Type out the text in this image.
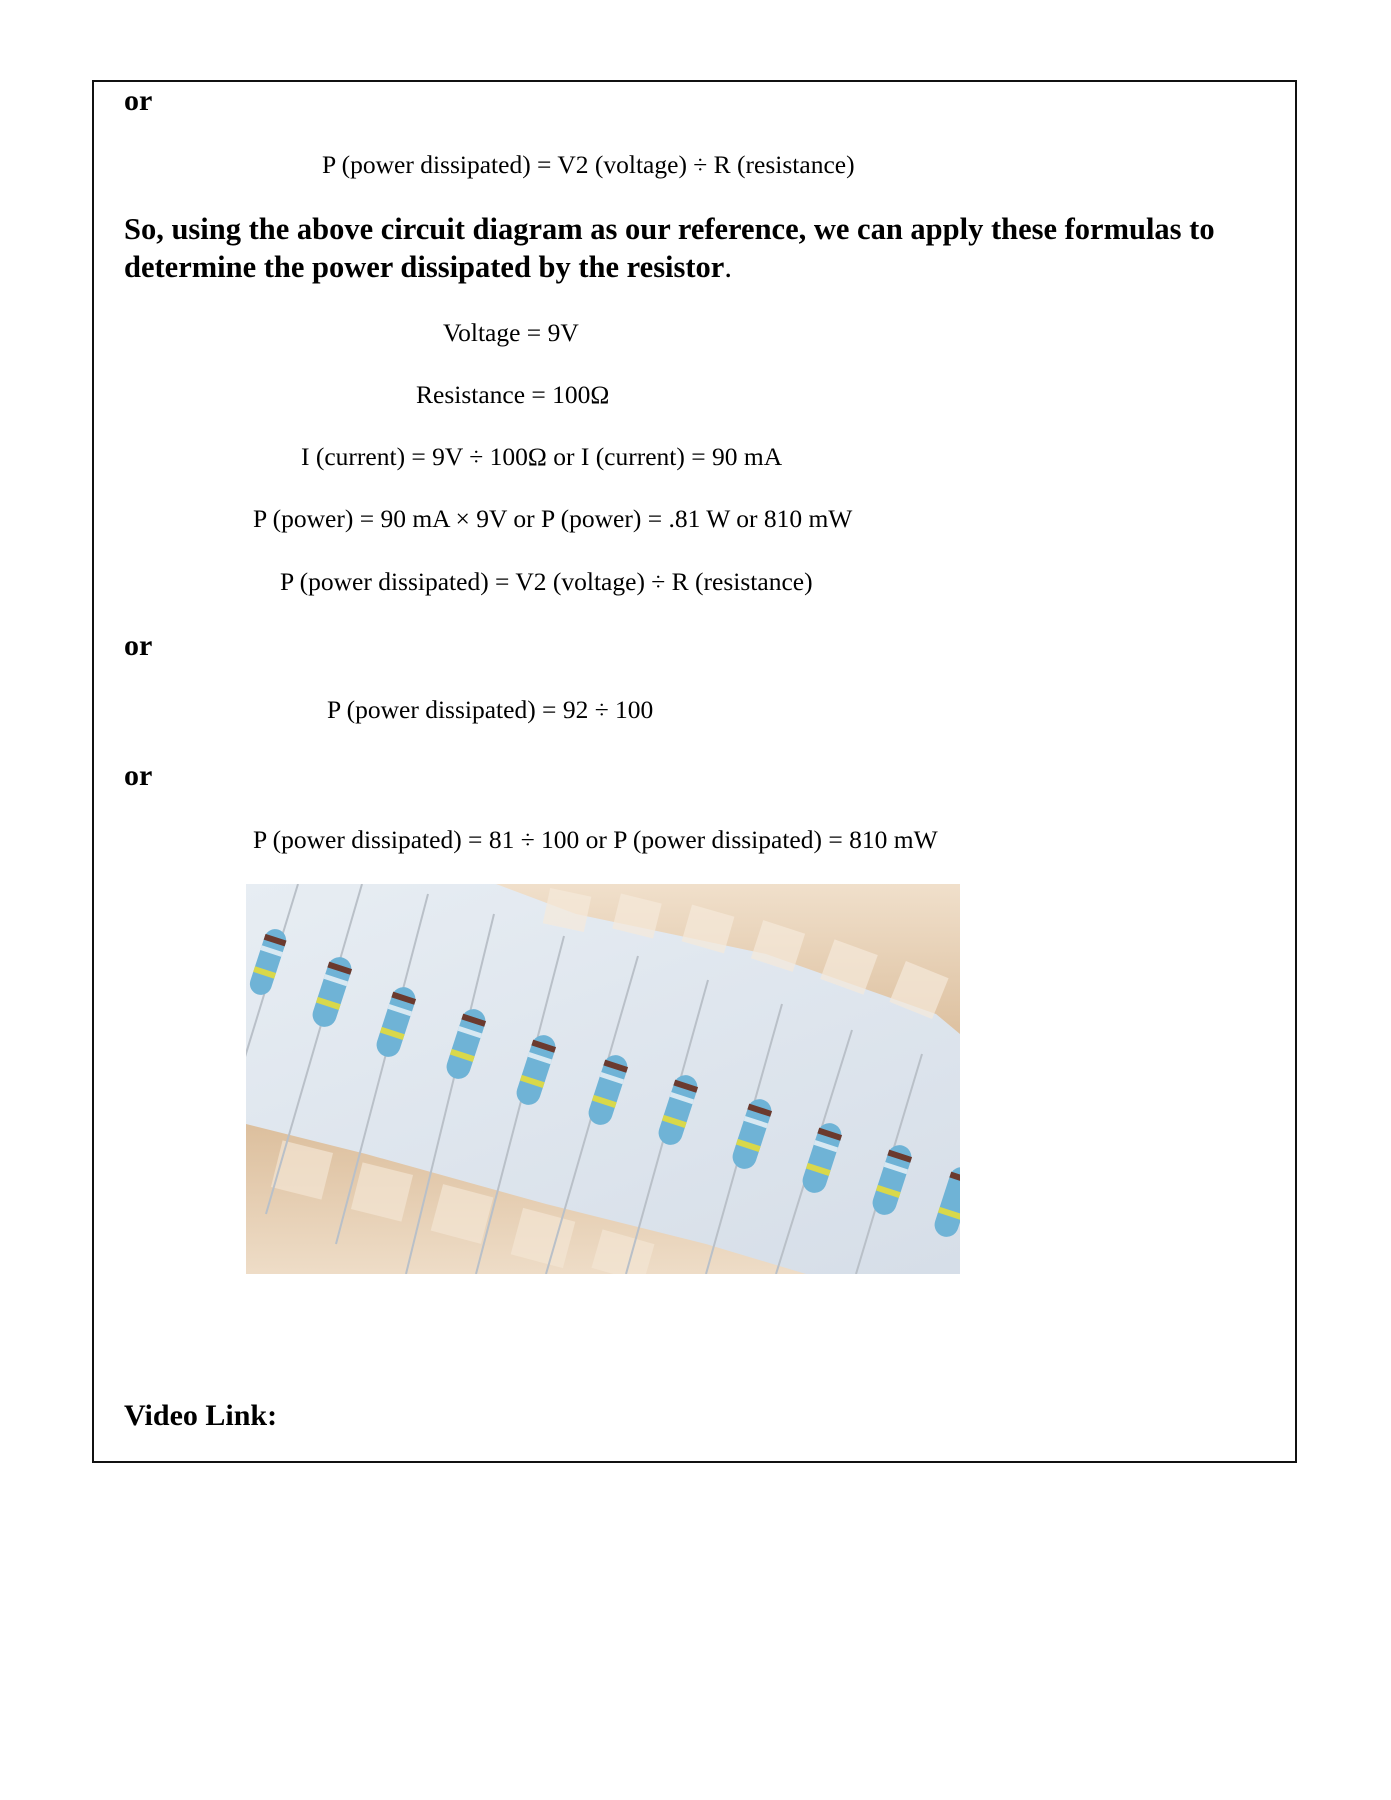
or
P (power dissipated) = V2 (voltage) ÷ R (resistance)
So, using the above circuit diagram as our reference, we can apply these formulas to determine the power dissipated by the resistor.
Voltage = 9V
Resistance = 100Ω
I (current) = 9V ÷ 100Ω or I (current) = 90 mA
P (power) = 90 mA × 9V or P (power) = .81 W or 810 mW
P (power dissipated) = V2 (voltage) ÷ R (resistance)
or
P (power dissipated) = 92 ÷ 100
or
P (power dissipated) = 81 ÷ 100 or P (power dissipated) = 810 mW
Video Link:
